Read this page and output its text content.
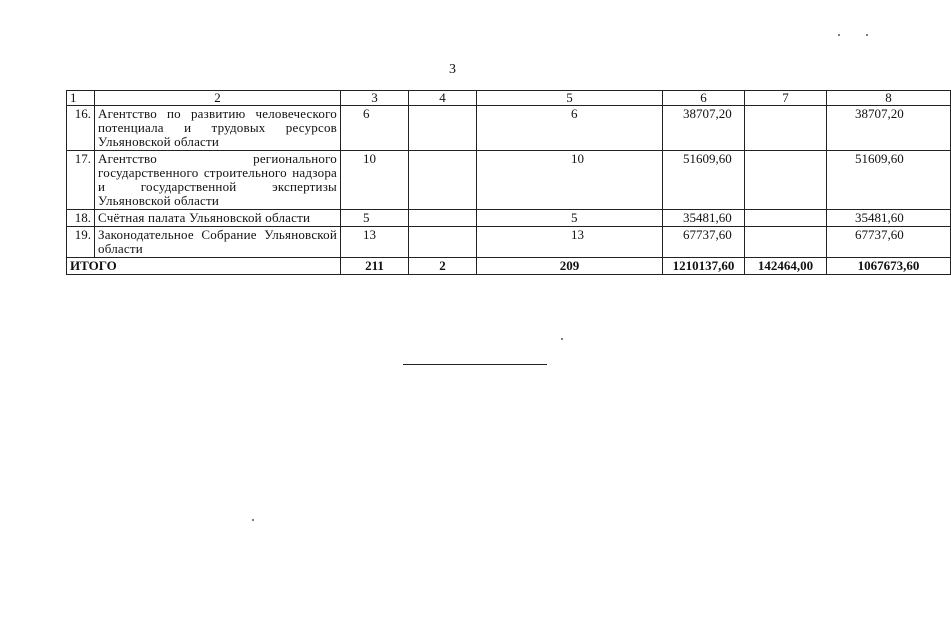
3
1	2	3	4	5	6	7	8
16.	Агентство по развитию человеческого потенциала и трудовых ресурсов Ульяновской области	6		6	38707,20		38707,20
17.	Агентство регионального государственного строительного надзора и государственной экспертизы Ульяновской области	10		10	51609,60		51609,60
18.	Счётная палата Ульяновской области	5		5	35481,60		35481,60
19.	Законодательное Собрание Ульяновской области	13		13	67737,60		67737,60
ИТОГО		211	2	209	1210137,60	142464,00	1067673,60
